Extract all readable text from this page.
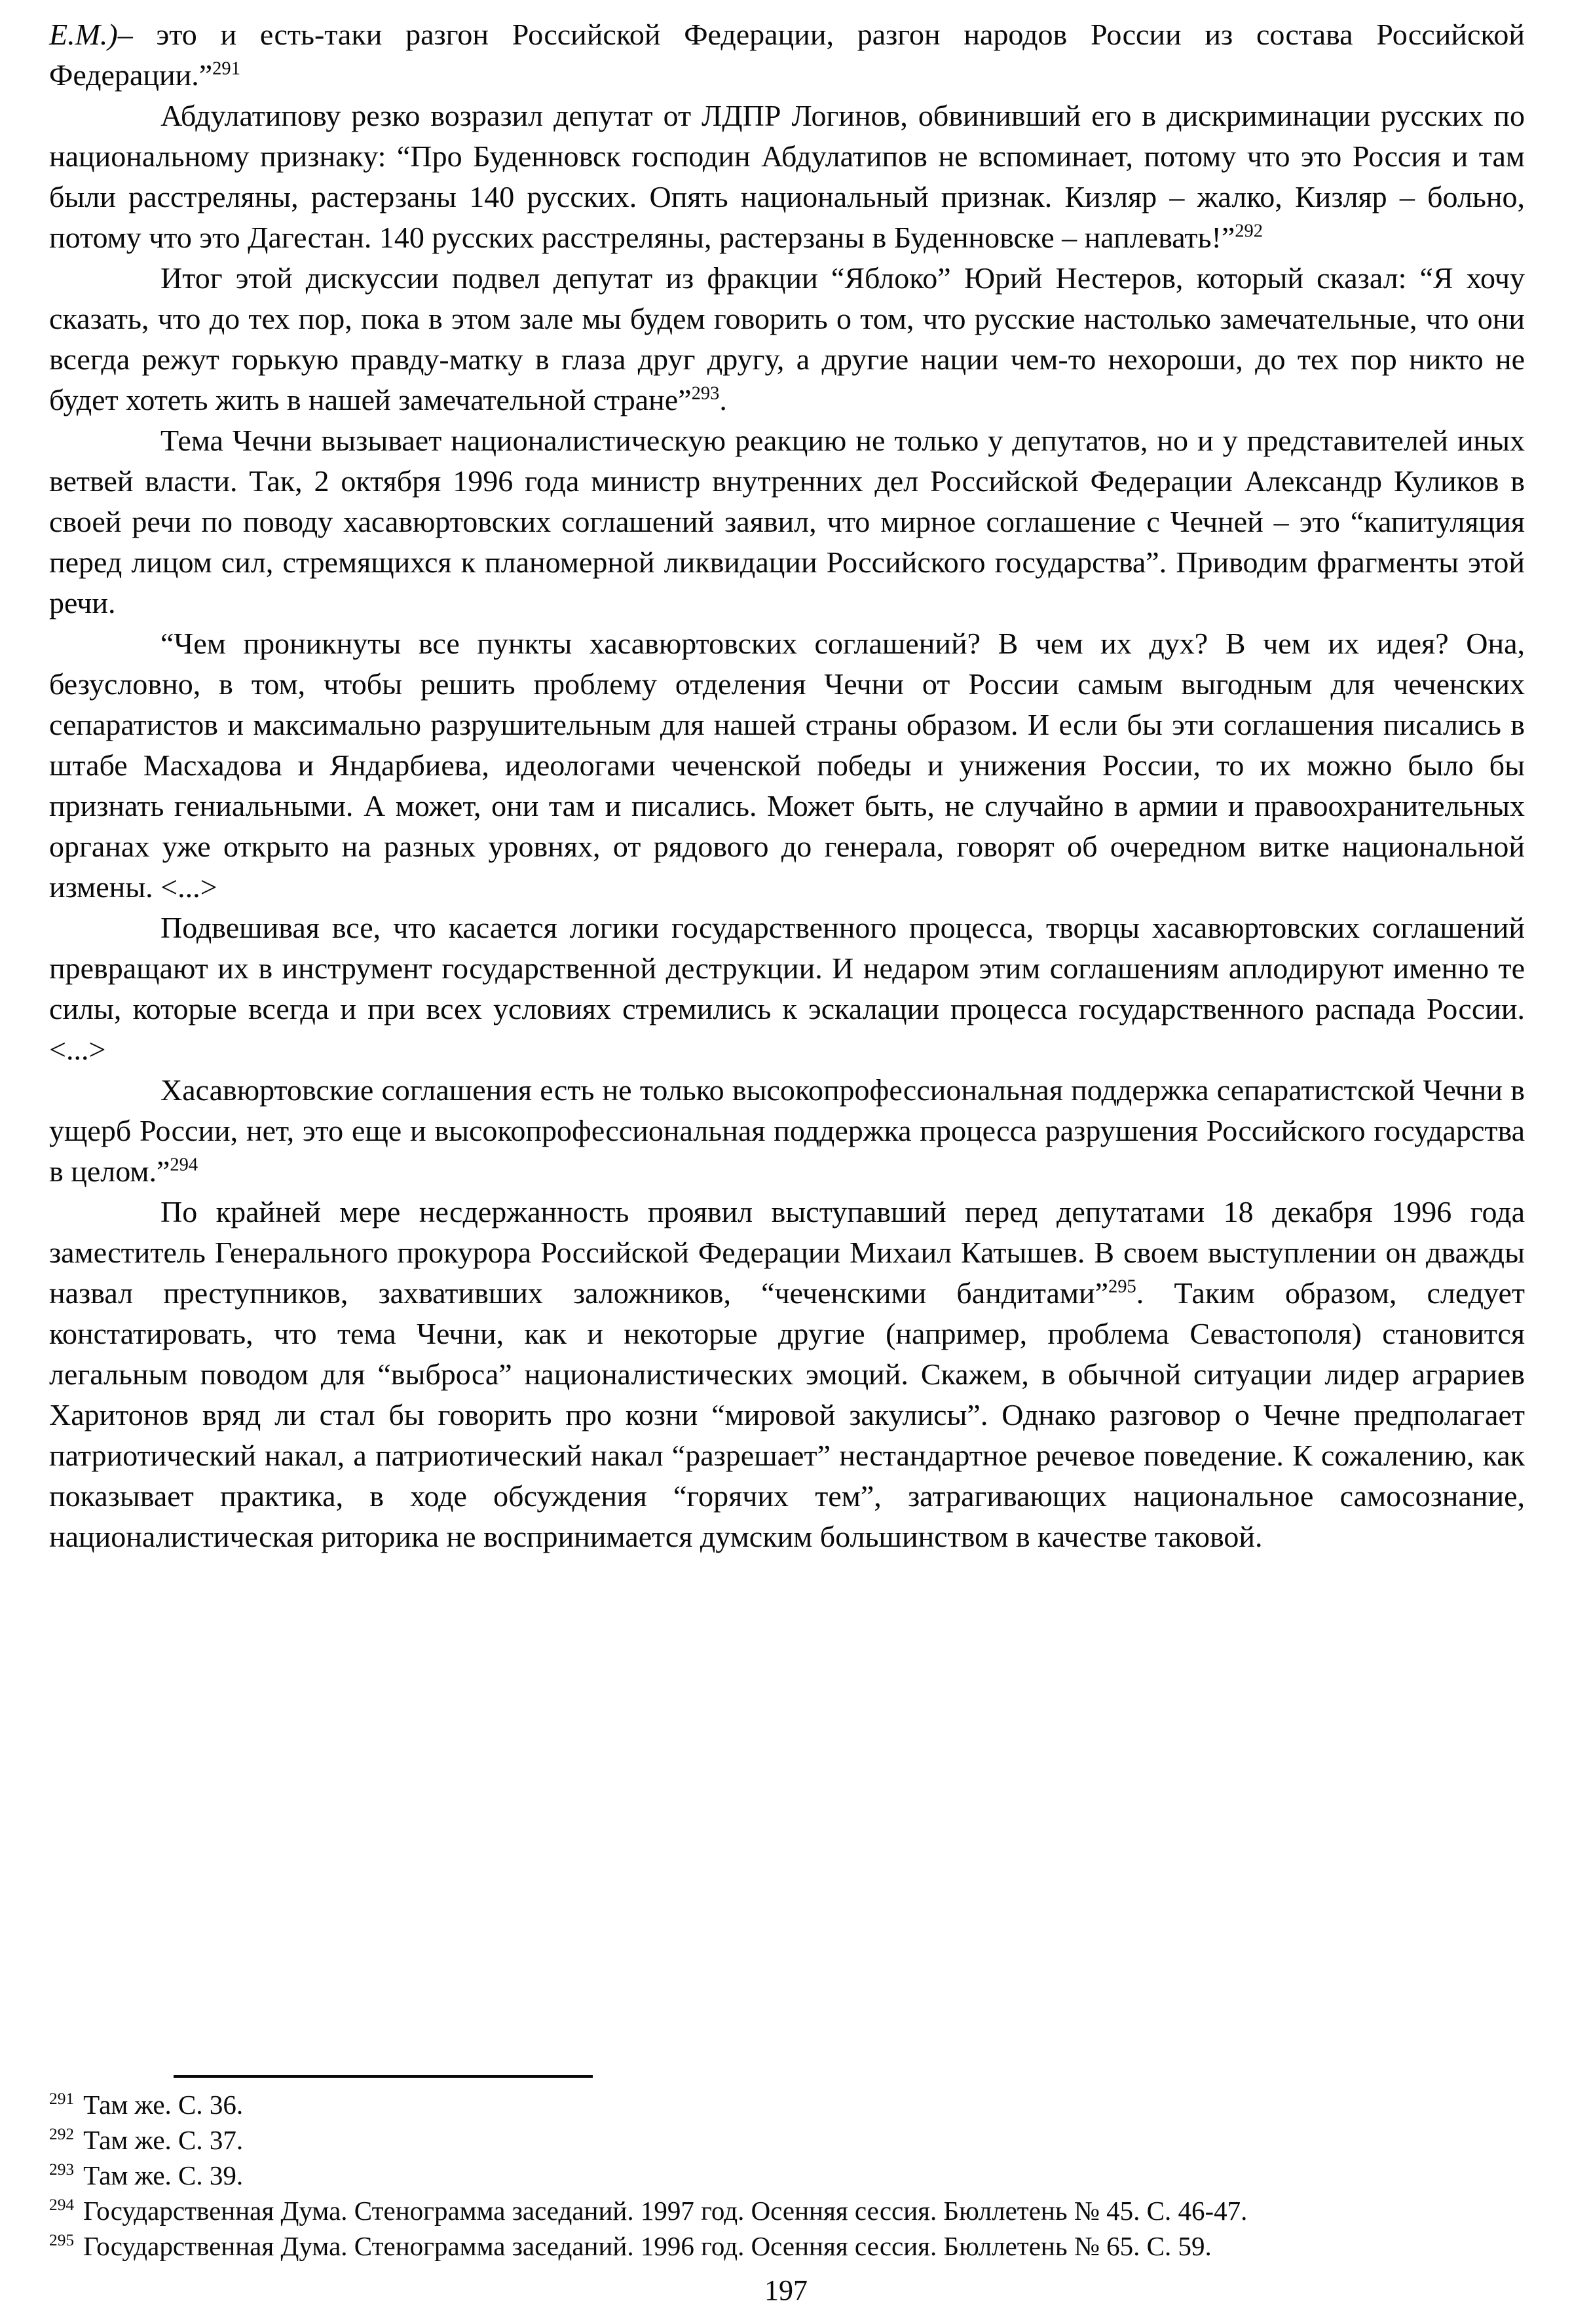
Е.М.)– это и есть-таки разгон Российской Федерации, разгон народов России из состава Российской Федерации.”$^{291}$

Абдулатипову резко возразил депутат от ЛДПР Логинов, обвинивший его в дискриминации русских по национальному признаку: “Про Буденновск господин Абдулатипов не вспоминает, потому что это Россия и там были расстреляны, растерзаны 140 русских. Опять национальный признак. Кизляр – жалко, Кизляр – больно, потому что это Дагестан. 140 русских расстреляны, растерзаны в Буденновске – наплевать!”$^{292}$

Итог этой дискуссии подвел депутат из фракции “Яблоко” Юрий Нестеров, который сказал: “Я хочу сказать, что до тех пор, пока в этом зале мы будем говорить о том, что русские настолько замечательные, что они всегда режут горькую правду-матку в глаза друг другу, а другие нации чем-то нехороши, до тех пор никто не будет хотеть жить в нашей замечательной стране”$^{293}$.

Тема Чечни вызывает националистическую реакцию не только у депутатов, но и у представителей иных ветвей власти. Так, 2 октября 1996 года министр внутренних дел Российской Федерации Александр Куликов в своей речи по поводу хасавюртовских соглашений заявил, что мирное соглашение с Чечней – это “капитуляция перед лицом сил, стремящихся к планомерной ликвидации Российского государства”. Приводим фрагменты этой речи.

“Чем проникнуты все пункты хасавюртовских соглашений? В чем их дух? В чем их идея? Она, безусловно, в том, чтобы решить проблему отделения Чечни от России самым выгодным для чеченских сепаратистов и максимально разрушительным для нашей страны образом. И если бы эти соглашения писались в штабе Масхадова и Яндарбиева, идеологами чеченской победы и унижения России, то их можно было бы признать гениальными. А может, они там и писались. Может быть, не случайно в армии и правоохранительных органах уже открыто на разных уровнях, от рядового до генерала, говорят об очередном витке национальной измены. <...>

Подвешивая все, что касается логики государственного процесса, творцы хасавюртовских соглашений превращают их в инструмент государственной деструкции. И недаром этим соглашениям аплодируют именно те силы, которые всегда и при всех условиях стремились к эскалации процесса государственного распада России. <...>

Хасавюртовские соглашения есть не только высокопрофессиональная поддержка сепаратистской Чечни в ущерб России, нет, это еще и высокопрофессиональная поддержка процесса разрушения Российского государства в целом.”$^{294}$

По крайней мере несдержанность проявил выступавший перед депутатами 18 декабря 1996 года заместитель Генерального прокурора Российской Федерации Михаил Катышев. В своем выступлении он дважды назвал преступников, захвативших заложников, “чеченскими бандитами”$^{295}$. Таким образом, следует констатировать, что тема Чечни, как и некоторые другие (например, проблема Севастополя) становится легальным поводом для “выброса” националистических эмоций. Скажем, в обычной ситуации лидер аграриев Харитонов вряд ли стал бы говорить про козни “мировой закулисы”. Однако разговор о Чечне предполагает патриотический накал, а патриотический накал “разрешает” нестандартное речевое поведение. К сожалению, как показывает практика, в ходе обсуждения “горячих тем”, затрагивающих национальное самосознание, националистическая риторика не воспринимается думским большинством в качестве таковой.

$^{291}$ Там же. С. 36.
$^{292}$ Там же. С. 37.
$^{293}$ Там же. С. 39.
$^{294}$ Государственная Дума. Стенограмма заседаний. 1997 год. Осенняя сессия. Бюллетень № 45. С. 46-47.
$^{295}$ Государственная Дума. Стенограмма заседаний. 1996 год. Осенняя сессия. Бюллетень № 65. С. 59.
197
